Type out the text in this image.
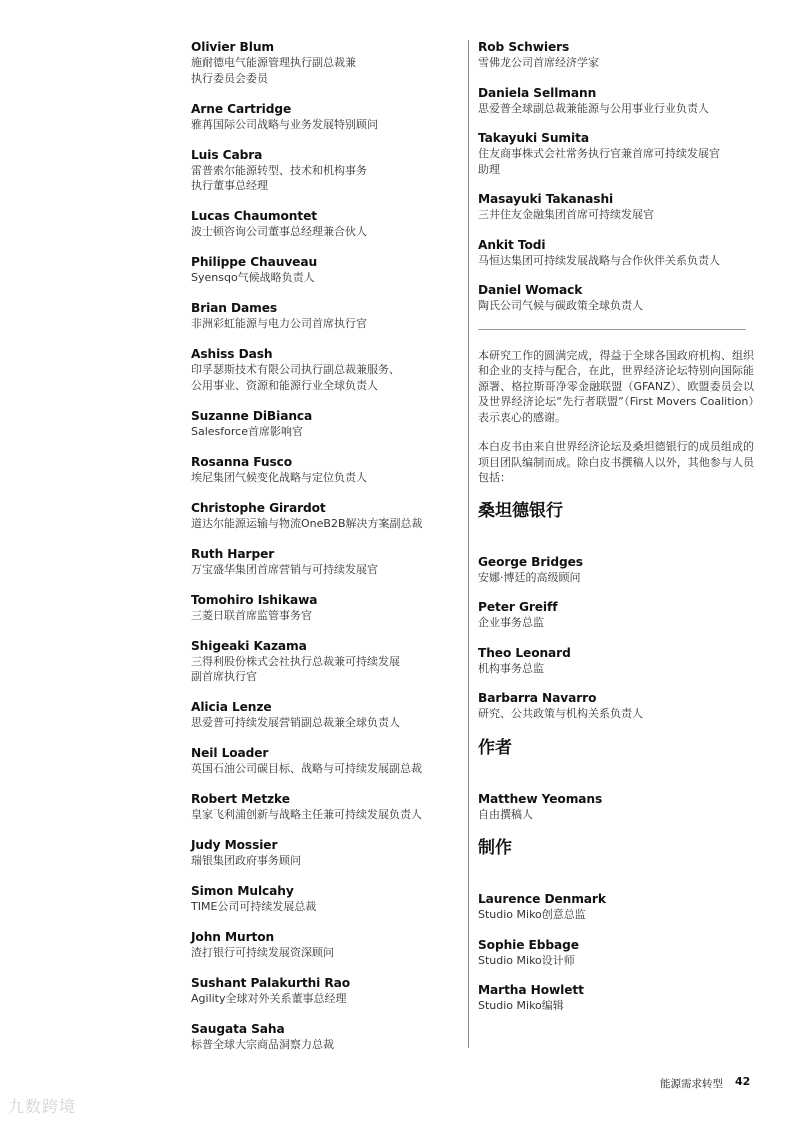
Olivier Blum
施耐德电气能源管理执行副总裁兼
执行委员会委员
Arne Cartridge
雅苒国际公司战略与业务发展特别顾问
Luis Cabra
雷普索尔能源转型、技术和机构事务
执行董事总经理
Lucas Chaumontet
波士顿咨询公司董事总经理兼合伙人
Philippe Chauveau
Syensqo气候战略负责人
Brian Dames
非洲彩虹能源与电力公司首席执行官
Ashiss Dash
印孚瑟斯技术有限公司执行副总裁兼服务、
公用事业、资源和能源行业全球负责人
Suzanne DiBianca
Salesforce首席影响官
Rosanna Fusco
埃尼集团气候变化战略与定位负责人
Christophe Girardot
道达尔能源运输与物流OneB2B解决方案副总裁
Ruth Harper
万宝盛华集团首席营销与可持续发展官
Tomohiro Ishikawa
三菱日联首席监管事务官
Shigeaki Kazama
三得利股份株式会社执行总裁兼可持续发展
副首席执行官
Alicia Lenze
思爱普可持续发展营销副总裁兼全球负责人
Neil Loader
英国石油公司碳目标、战略与可持续发展副总裁
Robert Metzke
皇家飞利浦创新与战略主任兼可持续发展负责人
Judy Mossier
瑞银集团政府事务顾问
Simon Mulcahy
TIME公司可持续发展总裁
John Murton
渣打银行可持续发展资深顾问
Sushant Palakurthi Rao
Agility全球对外关系董事总经理
Saugata Saha
标普全球大宗商品洞察力总裁
Rob Schwiers
雪佛龙公司首席经济学家
Daniela Sellmann
思爱普全球副总裁兼能源与公用事业行业负责人
Takayuki Sumita
住友商事株式会社常务执行官兼首席可持续发展官
助理
Masayuki Takanashi
三井住友金融集团首席可持续发展官
Ankit Todi
马恒达集团可持续发展战略与合作伙伴关系负责人
Daniel Womack
陶氏公司气候与碳政策全球负责人

本研究工作的圆满完成，得益于全球各国政府机构、组织和企业的支持与配合，在此，世界经济论坛特别向国际能源署、格拉斯哥净零金融联盟（GFANZ）、欧盟委员会以及世界经济论坛“先行者联盟”（First Movers Coalition）表示衷心的感谢。

本白皮书由来自世界经济论坛及桑坦德银行的成员组成的项目团队编制而成。除白皮书撰稿人以外，其他参与人员包括：

桑坦德银行
George Bridges
安娜·博廷的高级顾问
Peter Greiff
企业事务总监
Theo Leonard
机构事务总监
Barbarra Navarro
研究、公共政策与机构关系负责人
作者
Matthew Yeomans
自由撰稿人
制作
Laurence Denmark
Studio Miko创意总监
Sophie Ebbage
Studio Miko设计师
Martha Howlett
Studio Miko编辑
能源需求转型 42
九数跨境
